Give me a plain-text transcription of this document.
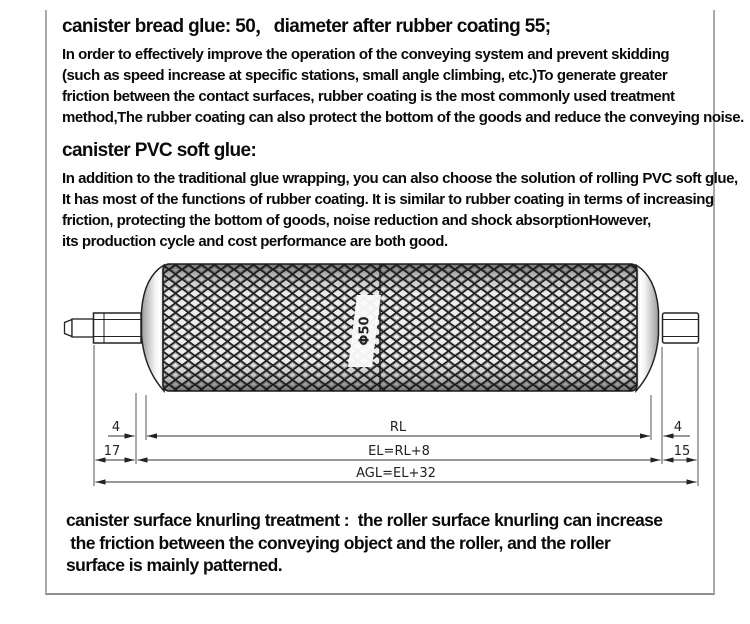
canister bread glue: 50，diameter after rubber coating 55;
In order to effectively improve the operation of the conveying system and prevent skidding
(such as speed increase at specific stations, small angle climbing, etc.)To generate greater
friction between the contact surfaces, rubber coating is the most commonly used treatment
method,The rubber coating can also protect the bottom of the goods and reduce the conveying noise.
canister PVC soft glue:
In addition to the traditional glue wrapping, you can also choose the solution of rolling PVC soft glue,
It has most of the functions of rubber coating. It is similar to rubber coating in terms of increasing
friction, protecting the bottom of goods, noise reduction and shock absorptionHowever,
its production cycle and cost performance are both good.
Φ50
4	RL	4
17	EL=RL+8	15
AGL=EL+32
canister surface knurling treatment :  the roller surface knurling can increase
the friction between the conveying object and the roller, and the roller
surface is mainly patterned.
